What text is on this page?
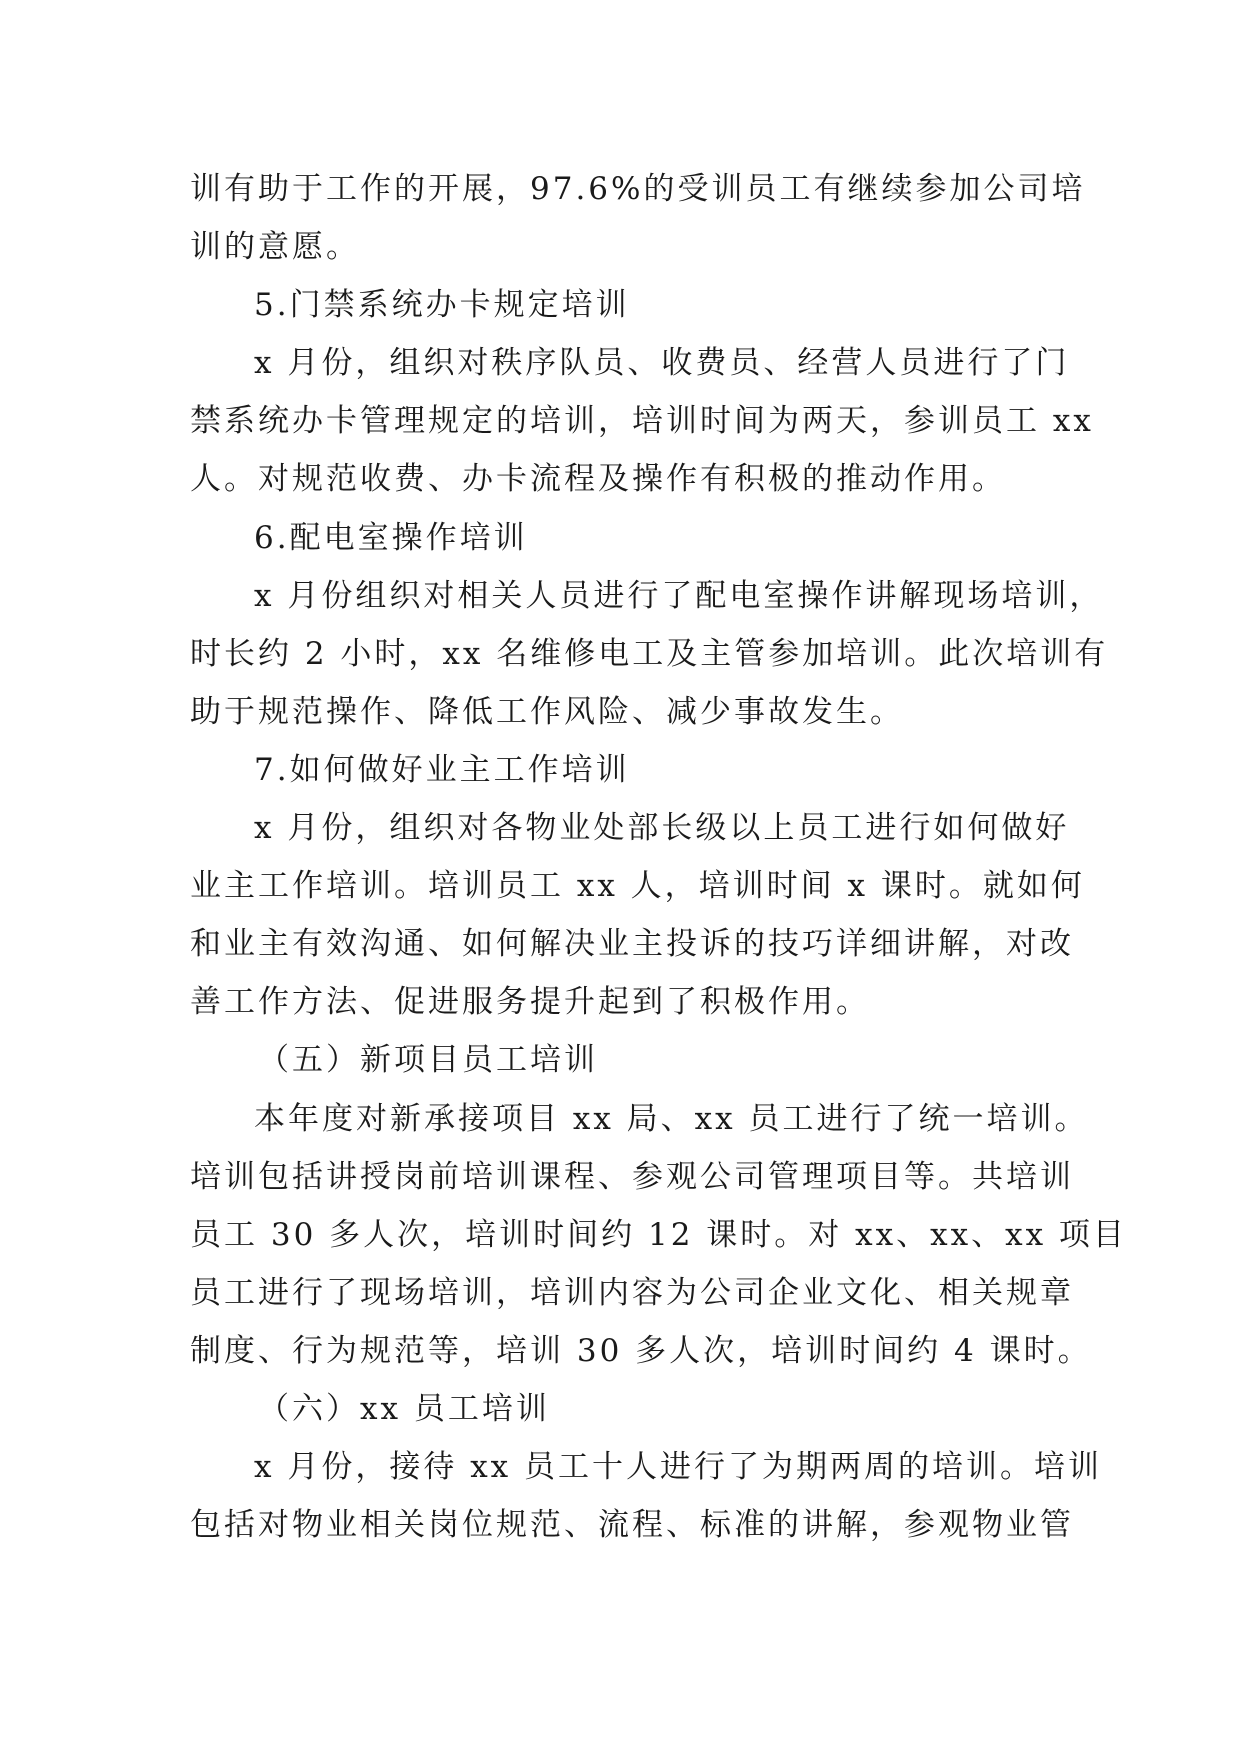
训有助于工作的开展，97.6%的受训员工有继续参加公司培
训的意愿。
5.门禁系统办卡规定培训
x 月份，组织对秩序队员、收费员、经营人员进行了门
禁系统办卡管理规定的培训，培训时间为两天，参训员工 xx
人。对规范收费、办卡流程及操作有积极的推动作用。
6.配电室操作培训
x 月份组织对相关人员进行了配电室操作讲解现场培训，
时长约 2 小时，xx 名维修电工及主管参加培训。此次培训有
助于规范操作、降低工作风险、减少事故发生。
7.如何做好业主工作培训
x 月份，组织对各物业处部长级以上员工进行如何做好
业主工作培训。培训员工 xx 人，培训时间 x 课时。就如何
和业主有效沟通、如何解决业主投诉的技巧详细讲解，对改
善工作方法、促进服务提升起到了积极作用。
（五）新项目员工培训
本年度对新承接项目 xx 局、xx 员工进行了统一培训。
培训包括讲授岗前培训课程、参观公司管理项目等。共培训
员工 30 多人次，培训时间约 12 课时。对 xx、xx、xx 项目
员工进行了现场培训，培训内容为公司企业文化、相关规章
制度、行为规范等，培训 30 多人次，培训时间约 4 课时。
（六）xx 员工培训
x 月份，接待 xx 员工十人进行了为期两周的培训。培训
包括对物业相关岗位规范、流程、标准的讲解，参观物业管
